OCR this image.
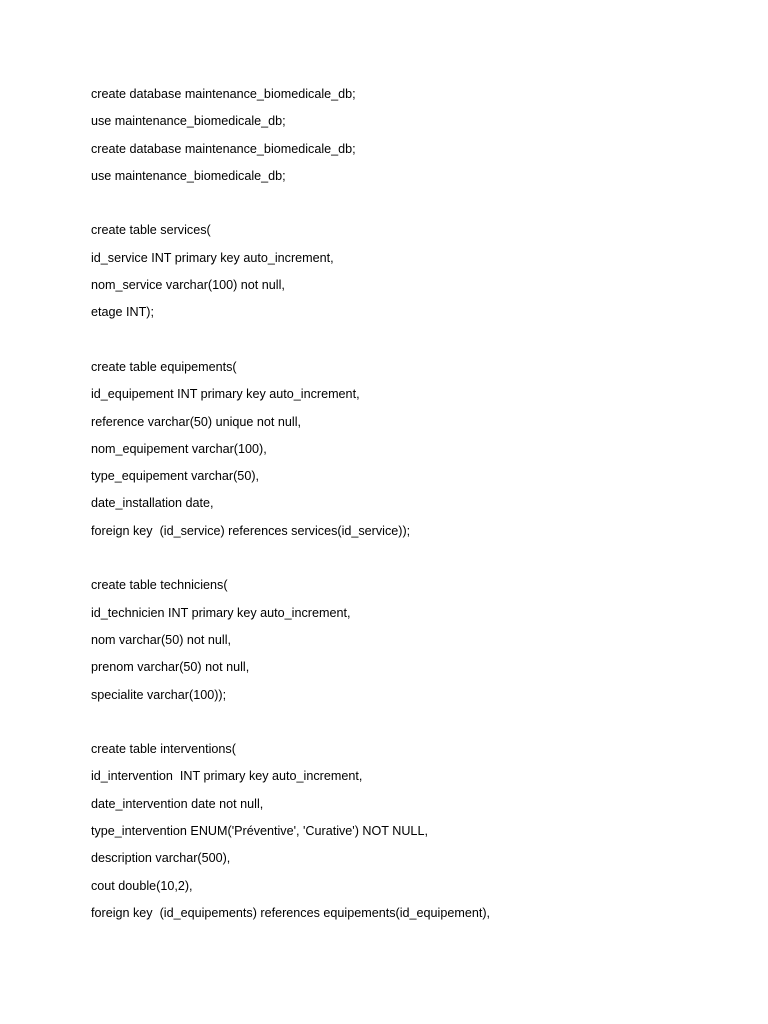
create database maintenance_biomedicale_db;
use maintenance_biomedicale_db;
create database maintenance_biomedicale_db;
use maintenance_biomedicale_db;
create table services(
id_service INT primary key auto_increment,
nom_service varchar(100) not null,
etage INT);
create table equipements(
id_equipement INT primary key auto_increment,
reference varchar(50) unique not null,
nom_equipement varchar(100),
type_equipement varchar(50),
date_installation date,
foreign key  (id_service) references services(id_service));
create table techniciens(
id_technicien INT primary key auto_increment,
nom varchar(50) not null,
prenom varchar(50) not null,
specialite varchar(100));
create table interventions(
id_intervention  INT primary key auto_increment,
date_intervention date not null,
type_intervention ENUM('Préventive', 'Curative') NOT NULL,
description varchar(500),
cout double(10,2),
foreign key  (id_equipements) references equipements(id_equipement),
